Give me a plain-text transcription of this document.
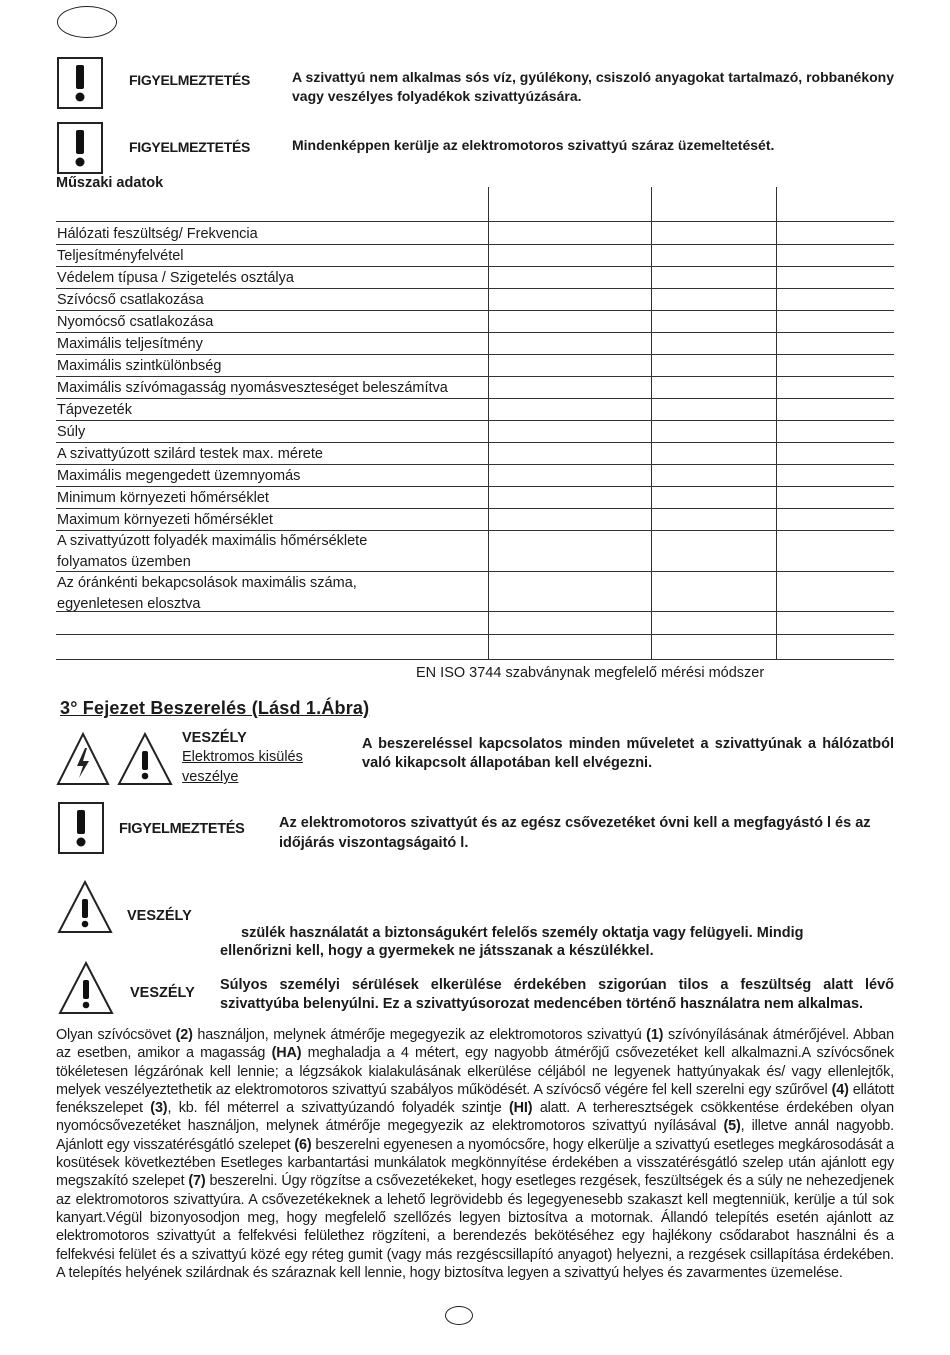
FIGYELMEZTETÉS	A szivattyú nem alkalmas sós víz, gyúlékony, csiszoló anyagokat tartalmazó, robbanékony vagy veszélyes folyadékok szivattyúzására.
FIGYELMEZTETÉS	Mindenképpen kerülje az elektromotoros szivattyú száraz üzemeltetését.
Műszaki adatok
Hálózati feszültség/ Frekvencia
Teljesítményfelvétel
Védelem típusa / Szigetelés osztálya
Szívócső csatlakozása
Nyomócső csatlakozása
Maximális teljesítmény
Maximális szintkülönbség
Maximális szívómagasság nyomásveszteséget beleszámítva
Tápvezeték
Súly
A szivattyúzott szilárd testek max. mérete
Maximális megengedett üzemnyomás
Minimum környezeti hőmérséklet
Maximum környezeti hőmérséklet
A szivattyúzott folyadék maximális hőmérséklete
folyamatos üzemben
Az óránkénti bekapcsolások maximális száma,
egyenletesen elosztva
EN ISO 3744 szabványnak megfelelő mérési módszer
3° Fejezet Beszerelés (Lásd 1.Ábra)
VESZÉLY
Elektromos kisülés
veszélye
A beszereléssel kapcsolatos minden műveletet a szivattyúnak a hálózatból való kikapcsolt állapotában kell elvégezni.
FIGYELMEZTETÉS Az elektromotoros szivattyút és az egész csővezetéket óvni kell a megfagyástó l és az időjárás viszontagságaitó l.
VESZÉLY
szülék használatát a biztonságukért felelős személy oktatja vagy felügyeli. Mindig
ellenőrizni kell, hogy a gyermekek ne játsszanak a készülékkel.
VESZÉLY Súlyos személyi sérülések elkerülése érdekében szigorúan tilos a feszültség alatt lévő szivattyúba belenyúlni. Ez a szivattyúsorozat medencében történő használatra nem alkalmas.
Olyan szívócsövet (2) használjon, melynek átmérője megegyezik az elektromotoros szivattyú (1) szívónyílásának átmérőjével. Abban az esetben, amikor a magasság (HA) meghaladja a 4 métert, egy nagyobb átmérőjű csővezetéket kell alkalmazni.A szívócsőnek tökéletesen légzárónak kell lennie; a légzsákok kialakulásának elkerülése céljából ne legyenek hattyúnyakak és/ vagy ellenlejtők, melyek veszélyeztethetik az elektromotoros szivattyú szabályos működését. A szívócső végére fel kell szerelni egy szűrővel (4) ellátott fenékszelepet (3), kb. fél méterrel a szivattyúzandó folyadék szintje (HI) alatt. A terheresztségek csökkentése érdekében olyan nyomócsővezetéket használjon, melynek átmérője megegyezik az elektromotoros szivattyú nyílásával (5), illetve annál nagyobb. Ajánlott egy visszatérésgátló szelepet (6) beszerelni egyenesen a nyomócsőre, hogy elkerülje a szivattyú esetleges megkárosodását a kosütések következtében Esetleges karbantartási munkálatok megkönnyítése érdekében a visszatérésgátló szelep után ajánlott egy megszakító szelepet (7) beszerelni. Úgy rögzítse a csővezetékeket, hogy esetleges rezgések, feszültségek és a súly ne nehezedjenek az elektromotoros szivattyúra. A csővezetékeknek a lehető legrövidebb és legegyenesebb szakaszt kell megtenniük, kerülje a túl sok kanyart.Végül bizonyosodjon meg, hogy megfelelő szellőzés legyen biztosítva a motornak. Állandó telepítés esetén ajánlott az elektromotoros szivattyút a felfekvési felülethez rögzíteni, a berendezés bekötéséhez egy hajlékony csődarabot használni és a felfekvési felület és a szivattyú közé egy réteg gumit (vagy más rezgéscsillapító anyagot) helyezni, a rezgések csillapítása érdekében. A telepítés helyének szilárdnak és száraznak kell lennie, hogy biztosítva legyen a szivattyú helyes és zavarmentes üzemelése.
